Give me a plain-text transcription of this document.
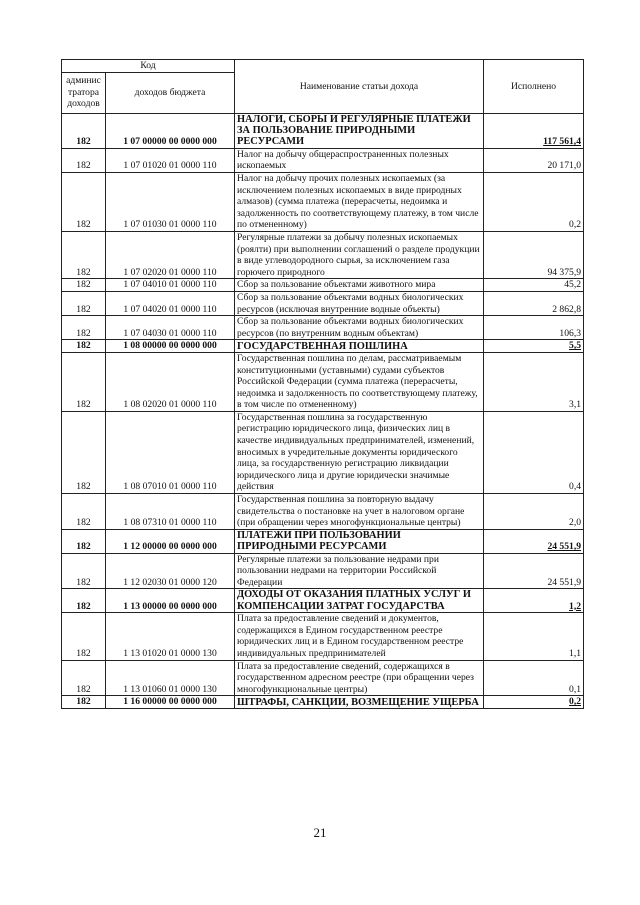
Код		Наименование статьи дохода	Исполнено
админис тратора доходов	доходов бюджета		
182	1 07 00000 00 0000 000	НАЛОГИ, СБОРЫ И РЕГУЛЯРНЫЕ ПЛАТЕЖИ ЗА ПОЛЬЗОВАНИЕ ПРИРОДНЫМИ РЕСУРСАМИ	117 561,4
182	1 07 01020 01 0000 110	Налог на добычу общераспространенных полезных ископаемых	20 171,0
182	1 07 01030 01 0000 110	Налог на добычу прочих полезных ископаемых (за исключением полезных ископаемых в виде природных алмазов) (сумма платежа (перерасчеты, недоимка и задолженность по соответствующему платежу, в том числе по отмененному)	0,2
182	1 07 02020 01 0000 110	Регулярные платежи за добычу полезных ископаемых (роялти) при выполнении соглашений о разделе продукции в виде углеводородного сырья, за исключением газа горючего природного	94 375,9
182	1 07 04010 01 0000 110	Сбор за пользование объектами животного мира	45,2
182	1 07 04020 01 0000 110	Сбор за пользование объектами водных биологических ресурсов (исключая внутренние водные объекты)	2 862,8
182	1 07 04030 01 0000 110	Сбор за пользование объектами водных биологических ресурсов (по внутренним водным объектам)	106,3
182	1 08 00000 00 0000 000	ГОСУДАРСТВЕННАЯ ПОШЛИНА	5,5
182	1 08 02020 01 0000 110	Государственная пошлина по делам, рассматриваемым конституционными (уставными) судами субъектов Российской Федерации (сумма платежа (перерасчеты, недоимка и задолженность по соответствующему платежу, в том числе по отмененному)	3,1
182	1 08 07010 01 0000 110	Государственная пошлина за государственную регистрацию юридического лица, физических лиц в качестве индивидуальных предпринимателей, изменений, вносимых в учредительные документы юридического лица, за государственную регистрацию ликвидации юридического лица и другие юридически значимые действия	0,4
182	1 08 07310 01 0000 110	Государственная пошлина за повторную выдачу свидетельства о постановке на учет в налоговом органе (при обращении через многофункциональные центры)	2,0
182	1 12 00000 00 0000 000	ПЛАТЕЖИ ПРИ ПОЛЬЗОВАНИИ ПРИРОДНЫМИ РЕСУРСАМИ	24 551,9
182	1 12 02030 01 0000 120	Регулярные платежи за пользование недрами при пользовании недрами на территории Российской Федерации	24 551,9
182	1 13 00000 00 0000 000	ДОХОДЫ ОТ ОКАЗАНИЯ ПЛАТНЫХ УСЛУГ И КОМПЕНСАЦИИ ЗАТРАТ ГОСУДАРСТВА	1,2
182	1 13 01020 01 0000 130	Плата за предоставление сведений и документов, содержащихся в Едином государственном реестре юридических лиц и в Едином государственном реестре индивидуальных предпринимателей	1,1
182	1 13 01060 01 0000 130	Плата за предоставление сведений, содержащихся в государственном адресном реестре (при обращении через многофункциональные центры)	0,1
182	1 16 00000 00 0000 000	ШТРАФЫ, САНКЦИИ, ВОЗМЕЩЕНИЕ УЩЕРБА	0,2
21
